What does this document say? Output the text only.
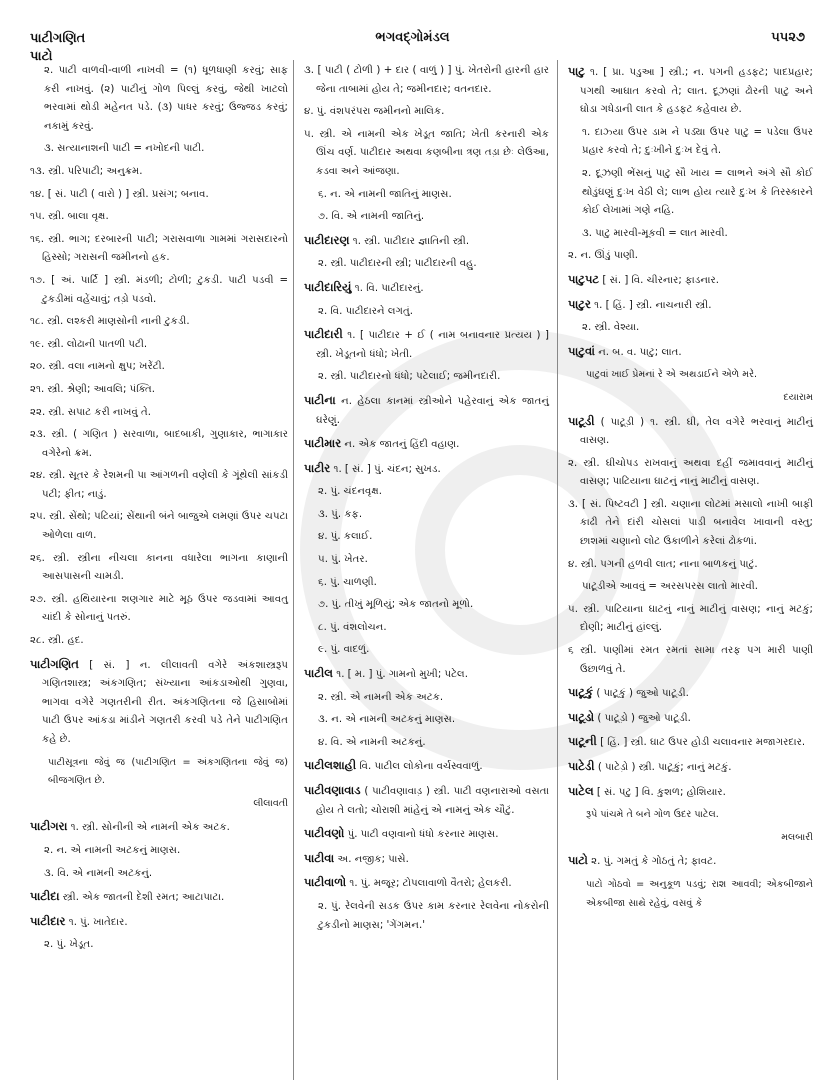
પાટીગણિત
પાટો
ભગવદ્ગોમંડલ	૫૫૨૭
૨. પાટી વાળવી-વાળી નાખવી = (૧) ધૂળધાણી કરવું; સાફ કરી નાખવું. (૨) પાટીનું ગોળ પિલ્લું કરવું, જેથી ખાટલો ભરવામાં થોડી મહેનત પડે. (૩) પાધર કરવું; ઉજ્જડ કરવું; નકામું કરવું.
૩. સત્યાનાશની પાટી = નખોદની પાટી.
૧૩. સ્ત્રી. પરિપાટી; અનુક્રમ.
૧૪. [ સં. પાટી ( વારો ) ] સ્ત્રી. પ્રસંગ; બનાવ.
૧૫. સ્ત્રી. બાલા વૃક્ષ.
૧૬. સ્ત્રી. ભાગ; દરબારની પાટી; ગરાસવાળા ગામમાં ગરાસદારનો હિસ્સો; ગરાસની જમીનનો હક.
૧૭. [ અં. પાર્ટિ ] સ્ત્રી. મંડળી; ટોળી; ટુકડી. પાટી પડવી = ટુકડીમાં વહેંચાવું; તડ઼ો પડવો.
૧૮. સ્ત્રી. લશ્કરી માણસોની નાની ટુકડી.
૧૯. સ્ત્રી. લોઢાની પાતળી પટી.
૨૦. સ્ત્રી. વલા નામનો ક્ષુપ; ખરેંટી.
૨૧. સ્ત્રી. શ્રેણી; આવલિ; પંક્તિ.
૨૨. સ્ત્રી. સપાટ કરી નાખવું તે.
૨૩. સ્ત્રી. ( ગણિત ) સરવાળા, બાદબાકી, ગુણાકાર, ભાગાકાર વગેરેનો ક્રમ.
૨૪. સ્ત્રી. સૂતર કે રેશમની પા આંગળની વણેલી કે ગૂંથેલી સાંકડી પટી; ફીત; નાડું.
૨૫. સ્ત્રી. સેંથો; પટિયાં; સેંથાની બંને બાજુએ લમણાં ઉપર ચપટા ઓળેલા વાળ.
૨૬. સ્ત્રી. સ્ત્રીના નીચલા કાનના વધારેલા ભાગના કાણાની આસપાસની ચામડી.
૨૭. સ્ત્રી. હથિયારના શણગાર માટે મૂઠ ઉપર જડવામાં આવતુ ચાંદી કે સોનાનું પતરું.
૨૮. સ્ત્રી. હદ.
પાટીગણિત [ સં. ] ન. લીલાવતી વગેરે અંકશાસ્ત્રરૂપ ગણિતશાસ્ત્ર; અંકગણિત; સંખ્યાના આંકડાઓથી ગુણવા, ભાગવા વગેરે ગણતરીની રીત. અંકગણિતના જે હિસાબોમાં પાટી ઉપર આંકડા માંડીને ગણતરી કરવી પડે તેને પાટીગણિત કહે છે.
પાટીસૂત્રના જેવું જ (પાટીગણિત = અંકગણિતના જેવું જ) બીજગણિત છે.
લીલાવતી
પાટીગરા ૧. સ્ત્રી. સોનીની એ નામની એક અટક.
૨. ન. એ નામની અટકનું માણસ.
૩. વિ. એ નામની અટકનું.
પાટીદા સ્ત્રી. એક જાતની દેશી રમત; આટાપાટા.
પાટીદાર ૧. પું. ખાતેદાર.
૨. પું. ખેડૂત.
૩. [ પાટી ( ટોળી ) + દાર ( વાળું ) ] પું. ખેતરોની હારની હાર જેના તાબામાં હોય તે; જમીનદાર; વતનદાર.
૪. પું. વંશપરંપરા જમીનનો માલિક.
૫. સ્ત્રી. એ નામની એક ખેડૂત જાતિ; ખેતી કરનારી એક ઊંચ વર્ણ. પાટીદાર અથવા કણબીના ત્રણ તડ઼ા છેઃ લેઉઆ, કડવા અને આંજણા.
૬. ન. એ નામની જાતિનું માણસ.
૭. વિ. એ નામની જાતિનું.
પાટીદારણ ૧. સ્ત્રી. પાટીદાર જ્ઞાતિની સ્ત્રી.
૨. સ્ત્રી. પાટીદારની સ્ત્રી; પાટીદારની વહુ.
પાટીદારિયું ૧. વિ. પાટીદારનું.
૨. વિ. પાટીદારને લગતું.
પાટીદારી ૧. [ પાટીદાર + ઈ ( નામ બનાવનાર પ્રત્યય ) ] સ્ત્રી. ખેડૂતનો ધંધો; ખેતી.
૨. સ્ત્રી. પાટીદારનો ધંધો; પટેલાઈ; જમીનદારી.
પાટીના ન. હેઠલા કાનમાં સ્ત્રીઓને પહેરવાનું એક જાતનું ઘરેણું.
પાટીમાર ન. એક જાતનું હિંદી વહાણ.
પાટીર ૧. [ સં. ] પું. ચંદન; સુખડ.
૨. પું. ચંદનવૃક્ષ.
૩. પું. કફ.
૪. પું. કલાઈ.
૫. પું. ખેતર.
૬. પું. ચાળણી.
૭. પું. તીખું મૂળિયું; એક જાતનો મૂળો.
૮. પું. વંશલોચન.
૯. પું. વાદળું.
પાટીલ ૧. [ મ. ] પું. ગામનો મુખી; પટેલ.
૨. સ્ત્રી. એ નામની એક અટક.
૩. ન. એ નામની અટકનું માણસ.
૪. વિ. એ નામની અટકનું.
પાટીલશાહી વિ. પાટીલ લોકોના વર્ચસ્વવાળું.
પાટીવણાવાડ ( પાટીવણાવાડ઼ ) સ્ત્રી. પાટી વણનારાઓ વસતા હોય તે લતો; ચોરાશી માંહેનું એ નામનું એક ચૌટું.
પાટીવણો પું. પાટી વણવાનો ધંધો કરનાર માણસ.
પાટીવા અ. નજીક; પાસે.
પાટીવાળો ૧. પું. મજૂર; ટોપલાવાળો વૈતરો; હેલકરી.
૨. પું. રેલવેની સડક ઉપર કામ કરનાર રેલવેના નોકરોની ટુકડીનો માણસ; 'ગેંગમન.'
પાટુ ૧. [ પ્રા. પડુઆ ] સ્ત્રી.; ન. પગની હડફટ; પાદપ્રહાર; પગથી આઘાત કરવો તે; લાત. દૂઝણાં ઢોરની પાટુ અને ઘોડા ગધેડાની લાત કે હડફટ કહેવાય છે.
૧. દાઝ્યા ઉપર ડામ ને પડ્યા ઉપર પાટુ = પડેલા ઉપર પ્રહાર કરવો તે; દુઃખીને દુઃખ દેવું તે.
૨. દૂઝણી ભેંસનું પાટુ સૌ ખાય = લાભને અંગે સૌ કોઈ થોડુંઘણું દુઃખ વેઠી લે; લાભ હોય ત્યારે દુઃખ કે તિરસ્કારને કોઈ લેખામાં ગણે નહિ.
૩. પાટુ મારવી-મૂકવી = લાત મારવી.
૨. ન. ઊંડું પાણી.
પાટુપટ [ સં. ] વિ. ચીરનાર; ફાડનાર.
પાટુર ૧. [ હિં. ] સ્ત્રી. નાચનારી સ્ત્રી.
૨. સ્ત્રી. વેશ્યા.
પાટુવાં ન. બ. વ. પાટુ; લાત.
પાટુવાં ખાઈ પ્રેમનાં રે એ અથડાઈને એળે મરે.
દયારામ
પાટૂડી ( પાટૂડ઼ી ) ૧. સ્ત્રી. ઘી, તેલ વગેરે ભરવાનું માટીનું વાસણ.
૨. સ્ત્રી. ઘીચોપડ રાખવાનું અથવા દહીં જમાવવાનું માટીનું વાસણ; પાટિયાના ઘાટનું નાનું માટીનું વાસણ.
૩. [ સં. પિષ્ટવટી ] સ્ત્રી. ચણાના લોટમાં મસાલો નાખી બાફી કાઢી તેને દાંરી ચોસલાં પાડી બનાવેલ ખાવાની વસ્તુ; છાશમાં ચણાનો લોટ ઉકાળીને કરેલાં ઢોકળાં.
૪. સ્ત્રી. પગની હળવી લાત; નાના બાળકનું પાટું.
પાટૂડીએ આવવું = અરસપરસ લાતો મારવી.
૫. સ્ત્રી. પાટિયાના ઘાટનું નાનું માટીનું વાસણ; નાનું મટકું; દોણી; માટીનું હાંલ્લું.
૬ સ્ત્રી. પાણીમાં રમત રમતાં સામા તરફ પગ મારી પાણી ઉછાળવું તે.
પાટૂકું ( પાટૂકું ) જુઓ પાટૂડી.
પાટૂડો ( પાટૂડ઼ો ) જુઓ પાટૂડી.
પાટૂની [ હિં. ] સ્ત્રી. ઘાટ ઉપર હોડી ચલાવનાર મજાગરદાર.
પાટેડી ( પાટેડ઼ો ) સ્ત્રી. પાટૂકું; નાનું મટકું.
પાટેલ [ સં. પટુ ] વિ. કુશળ; હોશિયાર.
રૂપે પાંચમે તે બને ગોળ ઉદર પાટેલ.
મલબારી
પાટો ૨. પું. ગમતું કે ગોઠતું તે; ફાવટ.
પાટો ગોઠવો = અનુકૂળ પડવું; રાશ આવવી; એકબીજાને એકબીજા સાથે રહેવું, વસવું કે
